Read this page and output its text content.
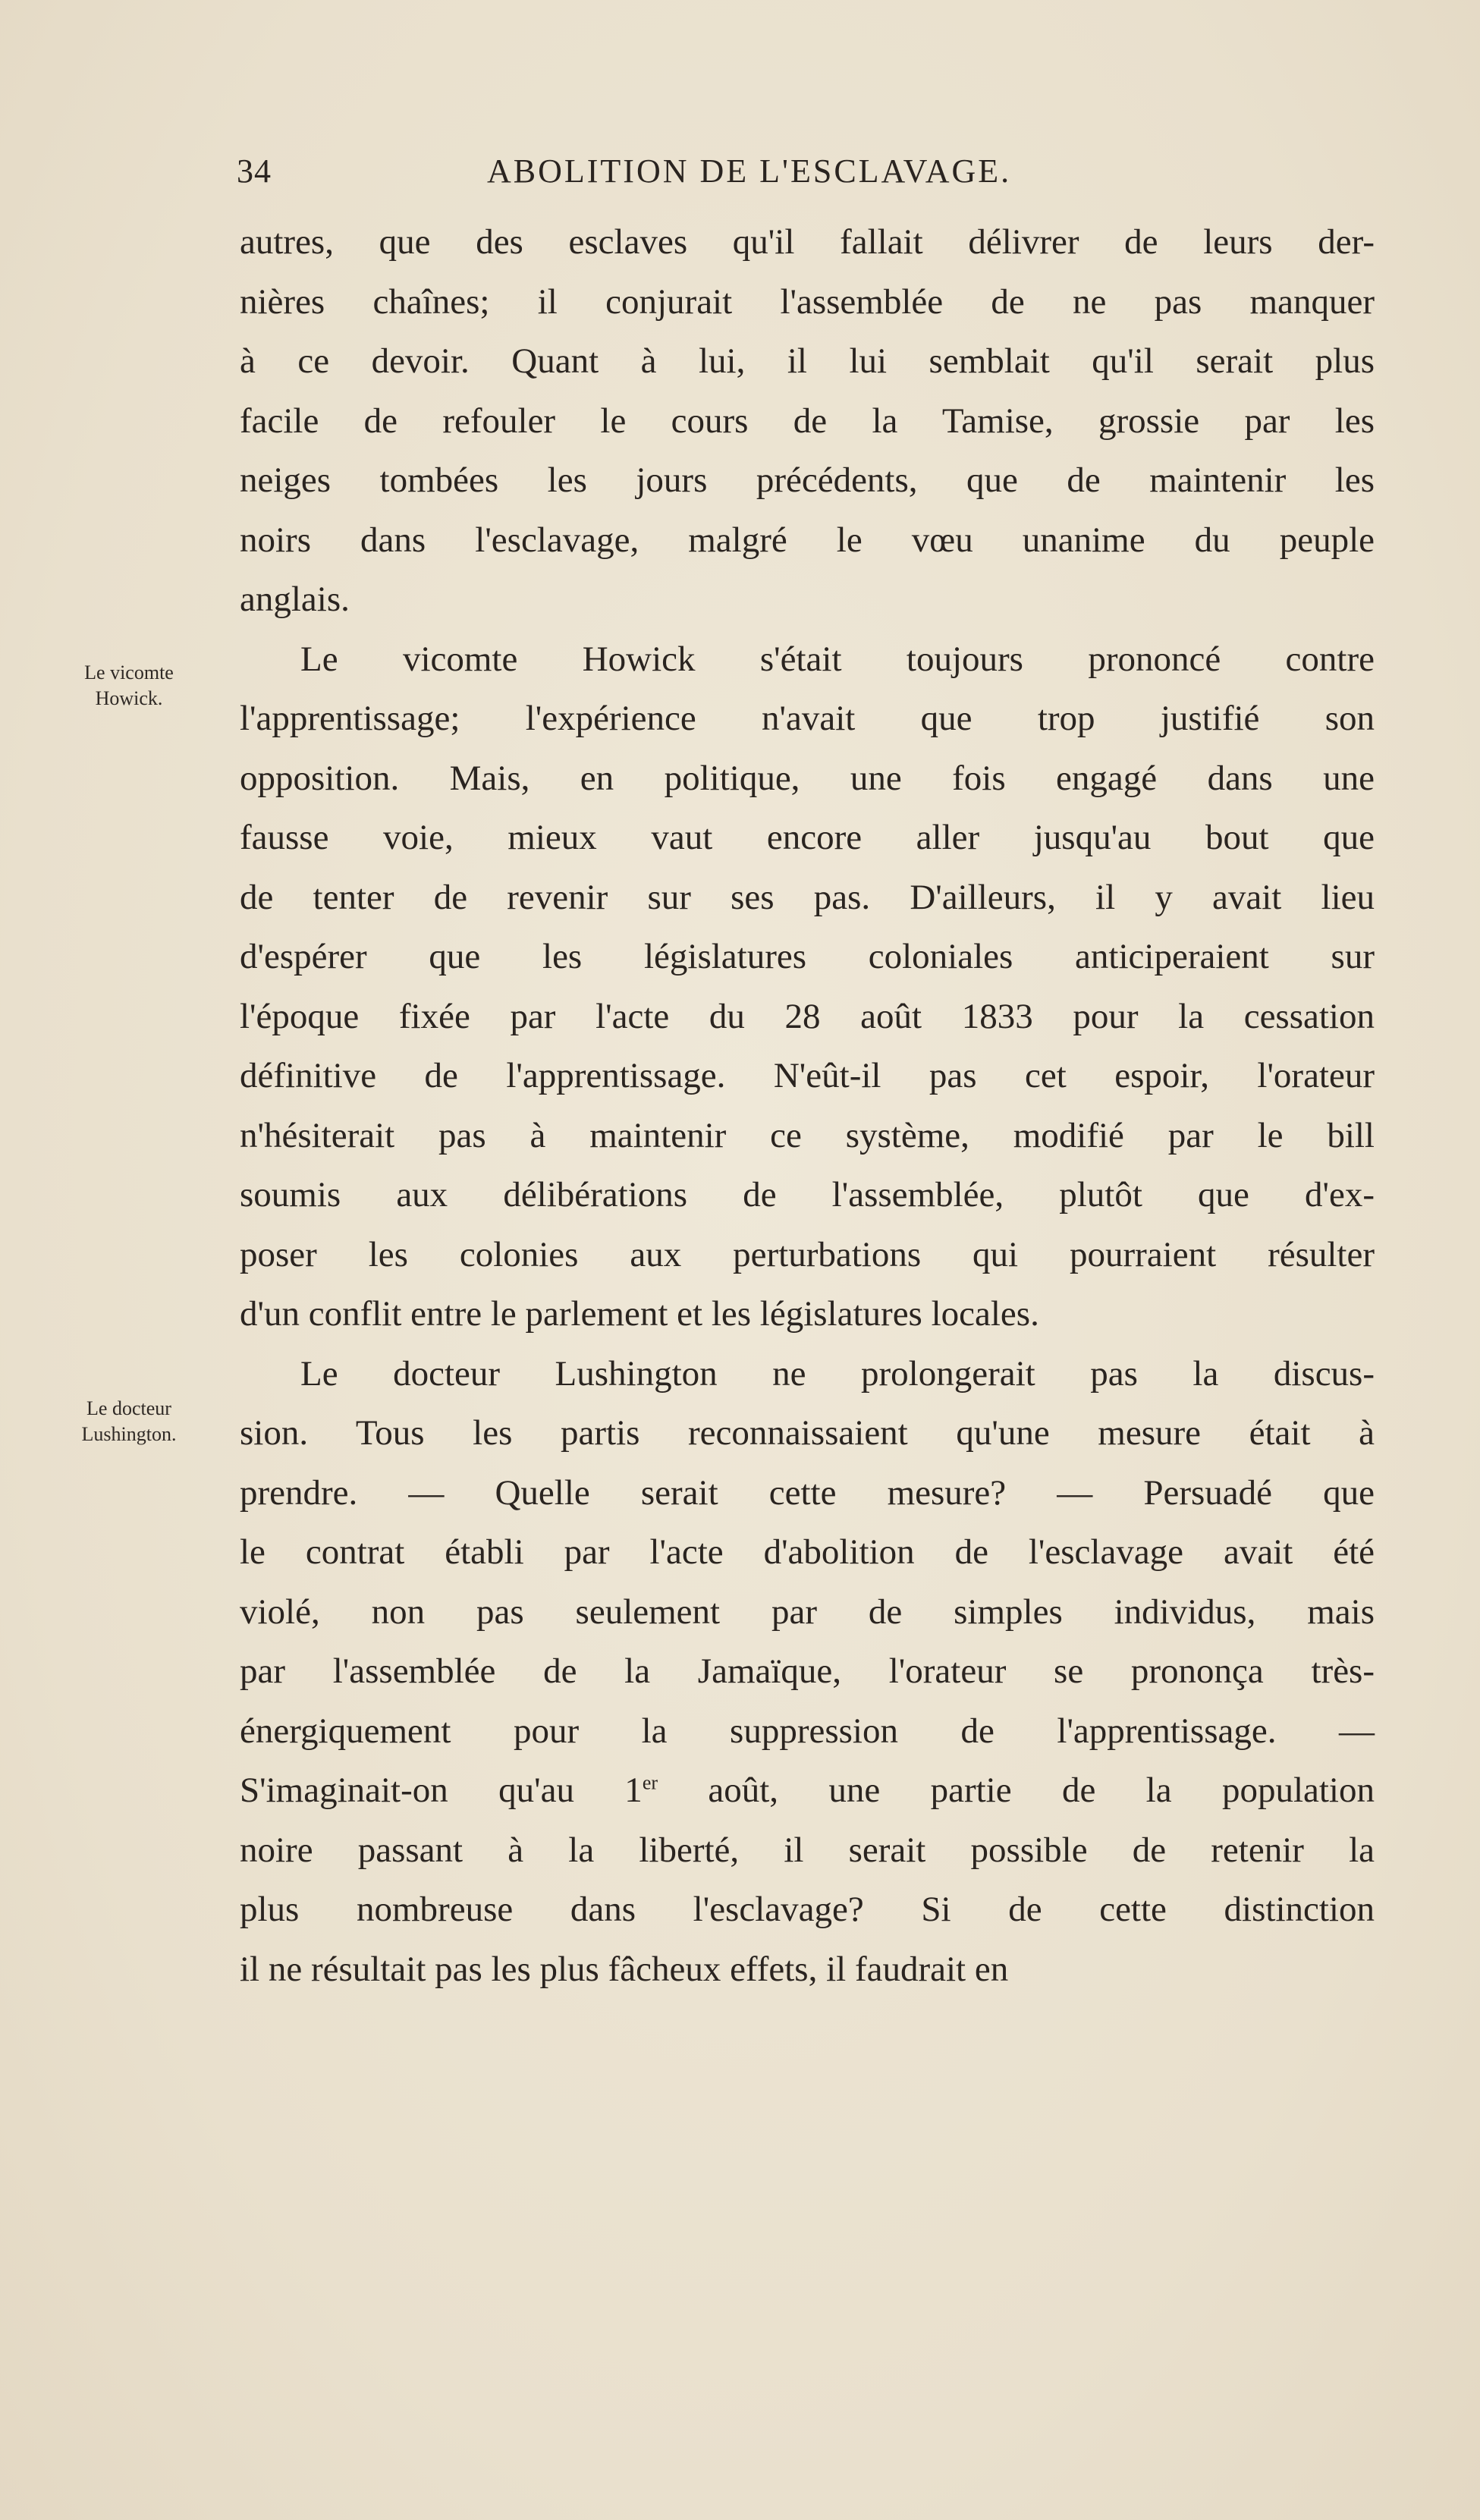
34	ABOLITION DE L'ESCLAVAGE.
Le vicomte
Howick.
Le docteur
Lushington.
autres, que des esclaves qu'il fallait délivrer de leurs der-
nières chaînes; il conjurait l'assemblée de ne pas manquer
à ce devoir. Quant à lui, il lui semblait qu'il serait plus
facile de refouler le cours de la Tamise, grossie par les
neiges tombées les jours précédents, que de maintenir les
noirs dans l'esclavage, malgré le vœu unanime du peuple
anglais.
Le vicomte Howick s'était toujours prononcé contre
l'apprentissage; l'expérience n'avait que trop justifié son
opposition. Mais, en politique, une fois engagé dans une
fausse voie, mieux vaut encore aller jusqu'au bout que
de tenter de revenir sur ses pas. D'ailleurs, il y avait lieu
d'espérer que les législatures coloniales anticiperaient sur
l'époque fixée par l'acte du 28 août 1833 pour la cessation
définitive de l'apprentissage. N'eût-il pas cet espoir, l'orateur
n'hésiterait pas à maintenir ce système, modifié par le bill
soumis aux délibérations de l'assemblée, plutôt que d'ex-
poser les colonies aux perturbations qui pourraient résulter
d'un conflit entre le parlement et les législatures locales.
Le docteur Lushington ne prolongerait pas la discus-
sion. Tous les partis reconnaissaient qu'une mesure était à
prendre. — Quelle serait cette mesure? — Persuadé que
le contrat établi par l'acte d'abolition de l'esclavage avait été
violé, non pas seulement par de simples individus, mais
par l'assemblée de la Jamaïque, l'orateur se prononça très-
énergiquement pour la suppression de l'apprentissage. —
S'imaginait-on qu'au 1er août, une partie de la population
noire passant à la liberté, il serait possible de retenir la
plus nombreuse dans l'esclavage? Si de cette distinction
il ne résultait pas les plus fâcheux effets, il faudrait en
